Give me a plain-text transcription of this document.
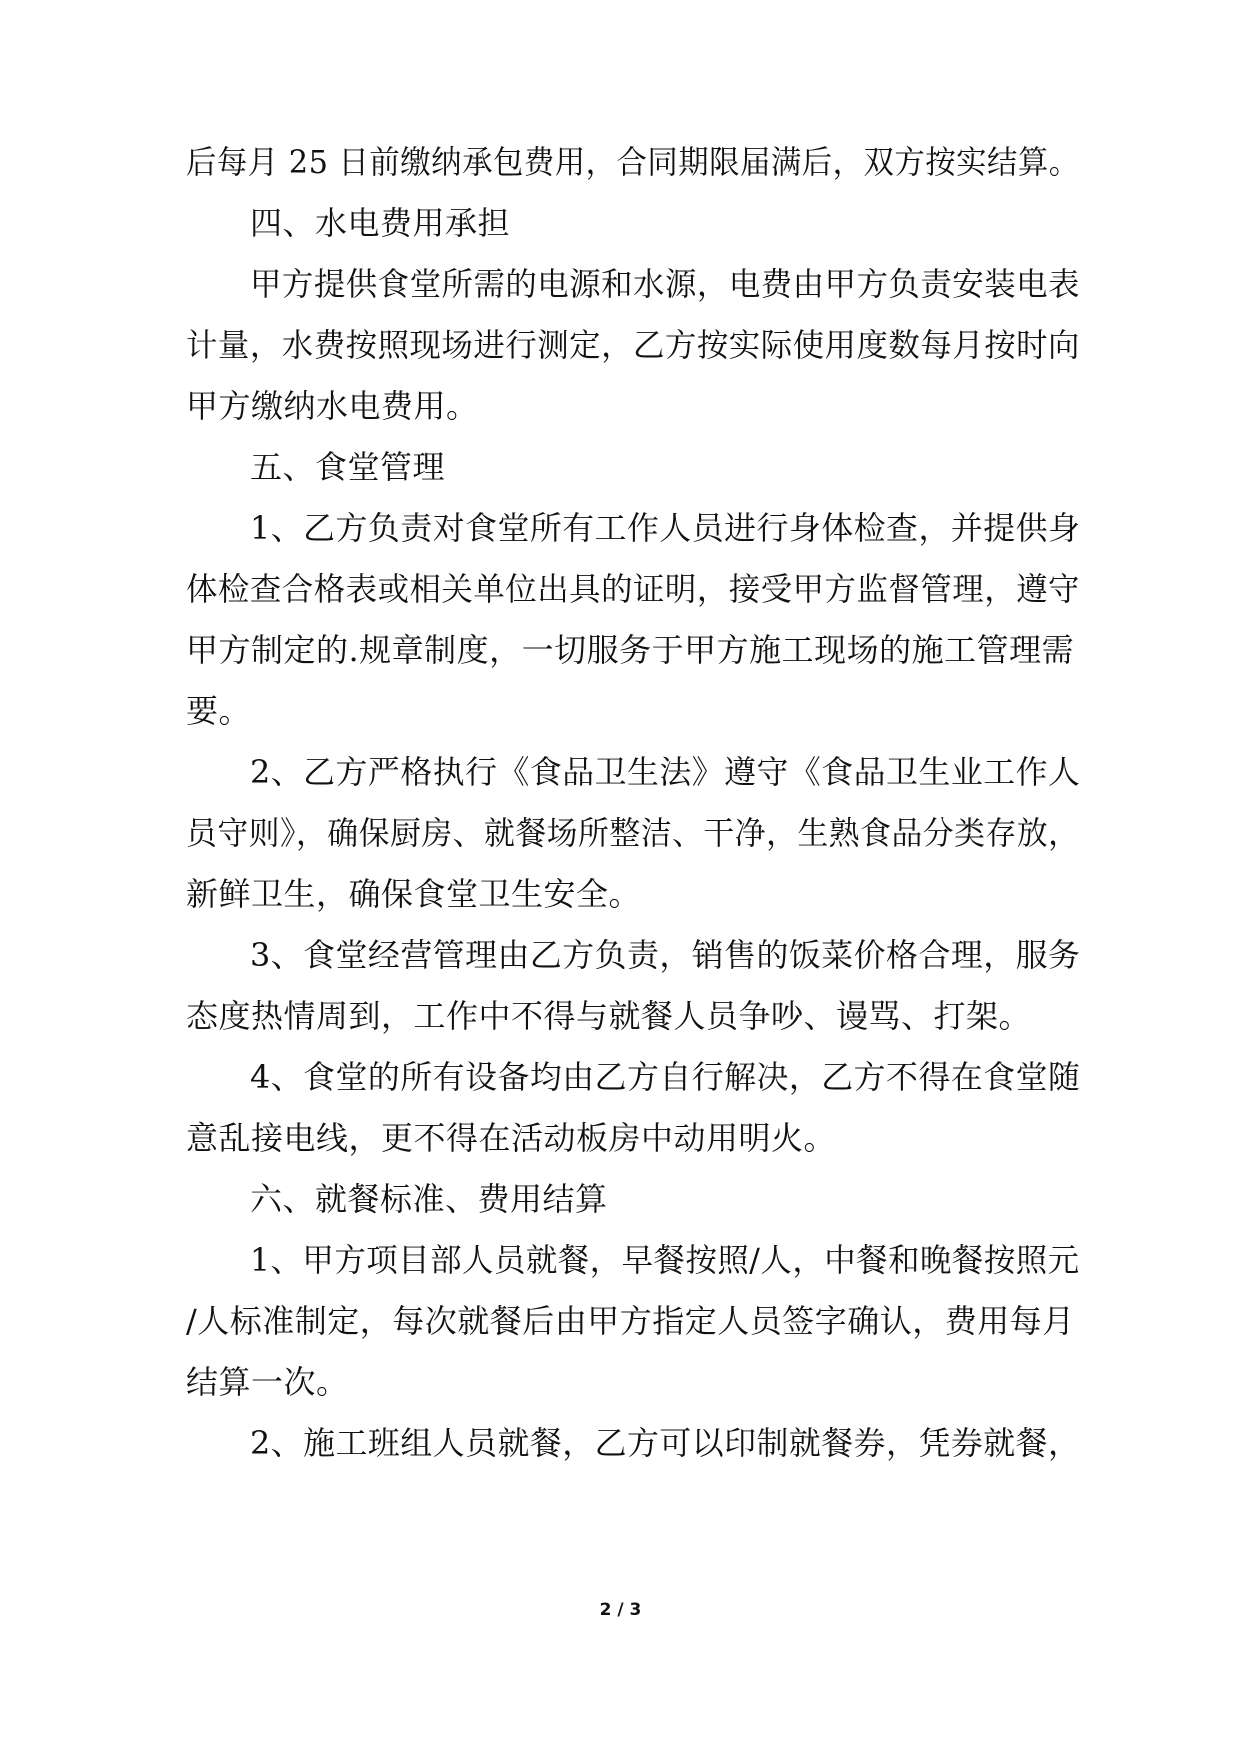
后每月 25 日前缴纳承包费用，合同期限届满后，双方按实结算。
四、水电费用承担
甲方提供食堂所需的电源和水源，电费由甲方负责安装电表
计量，水费按照现场进行测定，乙方按实际使用度数每月按时向
甲方缴纳水电费用。
五、食堂管理
1、乙方负责对食堂所有工作人员进行身体检查，并提供身
体检查合格表或相关单位出具的证明，接受甲方监督管理，遵守
甲方制定的.规章制度，一切服务于甲方施工现场的施工管理需
要。
2、乙方严格执行《食品卫生法》遵守《食品卫生业工作人
员守则》，确保厨房、就餐场所整洁、干净，生熟食品分类存放，
新鲜卫生，确保食堂卫生安全。
3、食堂经营管理由乙方负责，销售的饭菜价格合理，服务
态度热情周到，工作中不得与就餐人员争吵、谩骂、打架。
4、食堂的所有设备均由乙方自行解决，乙方不得在食堂随
意乱接电线，更不得在活动板房中动用明火。
六、就餐标准、费用结算
1、甲方项目部人员就餐，早餐按照/人，中餐和晚餐按照元
/人标准制定，每次就餐后由甲方指定人员签字确认，费用每月
结算一次。
2、施工班组人员就餐，乙方可以印制就餐券，凭券就餐，
2 / 3
